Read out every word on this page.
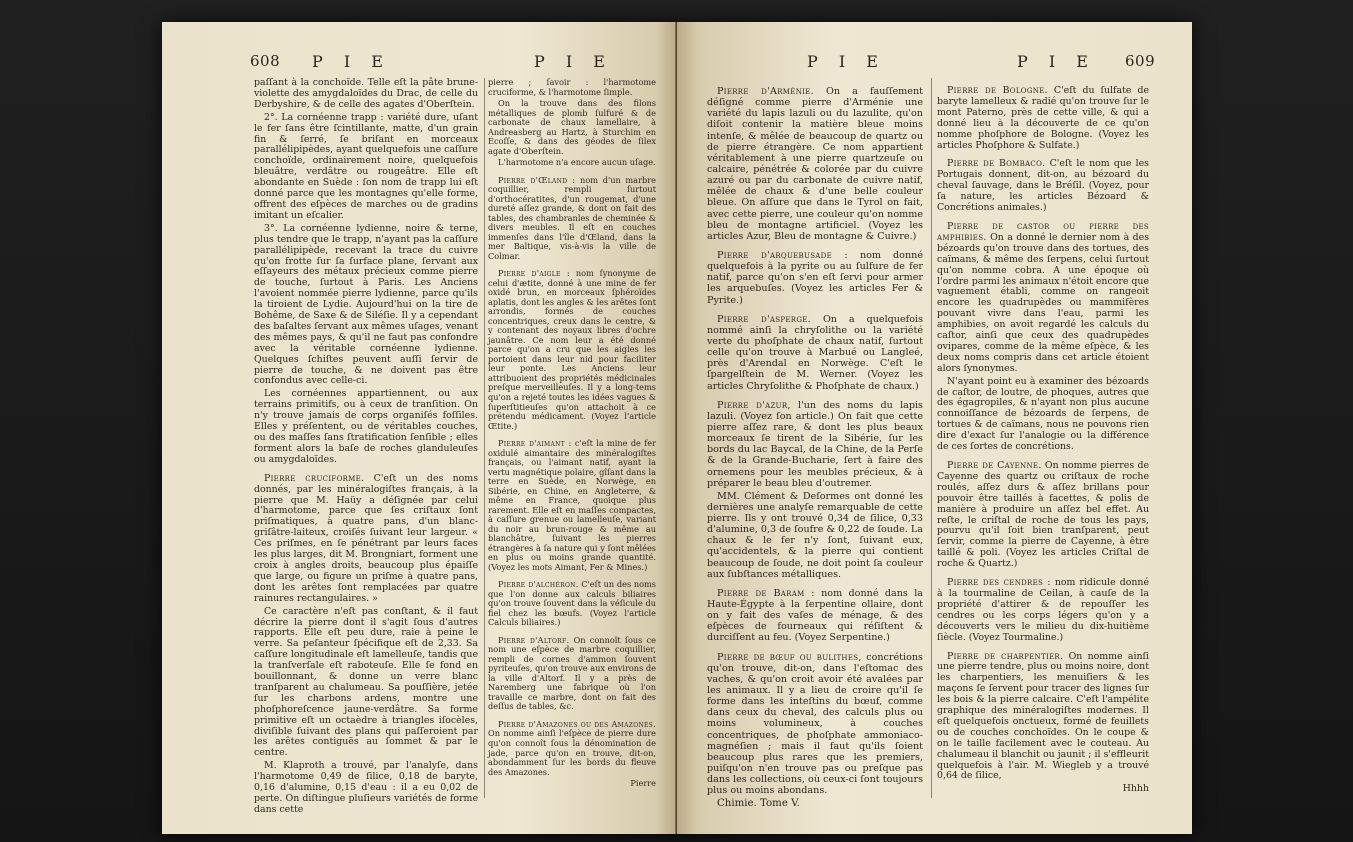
608 P I E	P I E

paſſant à la conchoïde. Telle eſt la pâte brune-violette des amygdaloïdes du Drac, de celle du Derbyshire, & de celle des agates d'Oberſtein.

2°. La cornéenne trapp : variété dure, uſant le fer ſans être ſcintillante, matte, d'un grain fin & ſerré, ſe briſant en morceaux parallélipipèdes, ayant quelquefois une caſſure conchoïde, ordinairement noire, quelquefois bleuâtre, verdâtre ou rougeâtre. Elle eſt abondante en Suède : ſon nom de trapp lui eſt donné parce que les montagnes qu'elle forme, offrent des eſpèces de marches ou de gradins imitant un eſcalier.

3°. La cornéenne lydienne, noire & terne, plus tendre que le trapp, n'ayant pas la caſſure parallélipipède, recevant la trace du cuivre qu'on frotte ſur ſa ſurface plane, ſervant aux eſſayeurs des métaux précieux comme pierre de touche, ſurtout à Paris. Les Anciens l'avoient nommée pierre lydienne, parce qu'ils la tiroient de Lydie. Aujourd'hui on la tire de Bohême, de Saxe & de Siléſie. Il y a cependant des baſaltes ſervant aux mêmes uſages, venant des mêmes pays, & qu'il ne faut pas confondre avec la véritable cornéenne lydienne. Quelques ſchiſtes peuvent auſſi ſervir de pierre de touche, & ne doivent pas être confondus avec celle-ci.

Les cornéennes appartiennent, ou aux terrains primitifs, ou à ceux de tranſition. On n'y trouve jamais de corps organiſés foſſiles. Elles y préſentent, ou de véritables couches, ou des maſſes ſans ſtratification ſenſible ; elles forment alors la baſe de roches glanduleuſes ou amygdaloïdes.

Pierre cruciforme. C'eſt un des noms donnés, par les minéralogiſtes français, à la pierre que M. Haüy a déſignée par celui d'harmotome, parce que ſes criſtaux ſont priſmatiques, à quatre pans, d'un blanc-griſâtre-laiteux, croiſés ſuivant leur largeur. « Ces priſmes, en ſe pénétrant par leurs faces les plus larges, dit M. Brongniart, forment une croix à angles droits, beaucoup plus épaiſſe que large, ou figure un priſme à quatre pans, dont les arêtes ſont remplacées par quatre rainures rectangulaires. »

Ce caractère n'eſt pas conſtant, & il faut décrire la pierre dont il s'agit ſous d'autres rapports. Elle eſt peu dure, raie à peine le verre. Sa peſanteur ſpécifique eſt de 2,33. Sa caſſure longitudinale eſt lamelleuſe, tandis que la tranſverſale eſt raboteuſe. Elle ſe fond en bouillonnant, & donne un verre blanc tranſparent au chalumeau. Sa pouſſière, jetée ſur les charbons ardens, montre une phoſphoreſcence jaune-verdâtre. Sa forme primitive eſt un octaèdre à triangles iſocèles, diviſible ſuivant des plans qui paſſeroient par les arêtes contiguës au ſommet & par le centre.

M. Klaproth a trouvé, par l'analyſe, dans l'harmotome 0,49 de ſilice, 0,18 de baryte, 0,16 d'alumine, 0,15 d'eau : il a eu 0,02 de perte. On diſtingue pluſieurs variétés de forme dans cette

pierre ; ſavoir : l'harmotome cruciforme, & l'harmotome ſimple.

On la trouve dans des filons métalliques de plomb ſulfuré & de carbonate de chaux lamellaire, à Andreasberg au Hartz, à Sturchim en Écoſſe, & dans des géodes de ſilex agate d'Oberſtein.

L'harmotome n'a encore aucun uſage.

Pierre d'Œland : nom d'un marbre coquillier, rempli ſurtout d'orthocératites, d'un rougemat, d'une dureté aſſez grande, & dont on fait des tables, des chambranles de cheminée & divers meubles. Il eſt en couches immenſes dans l'île d'Œland, dans la mer Baltique, vis-à-vis la ville de Colmar.

Pierre d'aigle : nom ſynonyme de celui d'ætite, donné à une mine de fer oxidé brun, en morceaux ſphéroïdes aplatis, dont les angles & les arêtes ſont arrondis, formés de couches concentriques, creux dans le centre, & y contenant des noyaux libres d'ochre jaunâtre. Ce nom leur a été donné parce qu'on a cru que les aigles les portoient dans leur nid pour faciliter leur ponte. Les Anciens leur attribuoient des propriétés médicinales preſque merveilleuſes. Il y a long-tems qu'on a rejeté toutes les idées vagues & ſuperſtitieuſes qu'on attachoit à ce prétendu médicament. (Voyez l'article Œtite.)

Pierre d'aimant : c'eſt la mine de fer oxidulé aimantaire des minéralogiſtes français, ou l'aimant natif, ayant la vertu magnétique polaire, gîſant dans la terre en Suède, en Norwège, en Sibérie, en Chine, en Angleterre, & même en France, quoique plus rarement. Elle eſt en maſſes compactes, à caſſure grenue ou lamelleuſe, variant du noir au brun-rouge & même au blanchâtre, ſuivant les pierres étrangères à ſa nature qui y ſont mêlées en plus ou moins grande quantité. (Voyez les mots Aimant, Fer & Mines.)

Pierre d'alchéron. C'eſt un des noms que l'on donne aux calculs biliaires qu'on trouve ſouvent dans la véſicule du fiel chez les bœufs. (Voyez l'article Calculs biliaires.)

Pierre d'Altorf. On connoît ſous ce nom une eſpèce de marbre coquillier, rempli de cornes d'ammon ſouvent pyriteuſes, qu'on trouve aux environs de la ville d'Altorf. Il y a près de Naremberg une fabrique où l'on travaille ce marbre, dont on fait des deſſus de tables, &c.

Pierre d'Amazones ou des Amazones. On nomme ainſi l'eſpèce de pierre dure qu'on connoît ſous la dénomination de jade, parce qu'on en trouve, dit-on, abondamment ſur les bords du fleuve des Amazones.

Pierre

P I E	P I E 609

Pierre d'Arménie. On a fauſſement déſigné comme pierre d'Arménie une variété du lapis lazuli ou du lazulite, qu'on diſoit contenir la matière bleue moins intenſe, & mêlée de beaucoup de quartz ou de pierre étrangère. Ce nom appartient véritablement à une pierre quartzeuſe ou calcaire, pénétrée & colorée par du cuivre azuré ou par du carbonate de cuivre natif, mêlée de chaux & d'une belle couleur bleue. On aſſure que dans le Tyrol on fait, avec cette pierre, une couleur qu'on nomme bleu de montagne artificiel. (Voyez les articles Azur, Bleu de montagne & Cuivre.)

Pierre d'arquebuſade : nom donné quelquefois à la pyrite ou au ſulfure de fer natif, parce qu'on s'en eſt ſervi pour armer les arquebuſes. (Voyez les articles Fer & Pyrite.)

Pierre d'aſperge. On a quelquefois nommé ainſi la chryſolithe ou la variété verte du phoſphate de chaux natif, ſurtout celle qu'on trouve à Marbué ou Langleé, près d'Arendal en Norwège. C'eſt le ſpargelſtein de M. Werner. (Voyez les articles Chryſolithe & Phoſphate de chaux.)

Pierre d'azur, l'un des noms du lapis lazuli. (Voyez ſon article.) On fait que cette pierre aſſez rare, & dont les plus beaux morceaux ſe tirent de la Sibérie, ſur les bords du lac Baycal, de la Chine, de la Perſe & de la Grande-Bucharie, ſert à faire des ornemens pour les meubles précieux, & à préparer le beau bleu d'outremer.

MM. Clément & Deſormes ont donné les dernières une analyſe remarquable de cette pierre. Ils y ont trouvé 0,34 de ſilice, 0,33 d'alumine, 0,3 de ſoufre & 0,22 de ſoude. La chaux & le fer n'y ſont, ſuivant eux, qu'accidentels, & la pierre qui contient beaucoup de ſoude, ne doit point ſa couleur aux ſubſtances métalliques.

Pierre de Baram : nom donné dans la Haute-Égypte à la ſerpentine ollaire, dont on y fait des vaſes de ménage, & des eſpèces de fourneaux qui réſiſtent & durciſſent au feu. (Voyez Serpentine.)

Pierre de bœuf ou bulithes, concrétions qu'on trouve, dit-on, dans l'eſtomac des vaches, & qu'on croit avoir été avalées par les animaux. Il y a lieu de croire qu'il ſe forme dans les inteſtins du bœuf, comme dans ceux du cheval, des calculs plus ou moins volumineux, à couches concentriques, de phoſphate ammoniaco-magnéſien ; mais il faut qu'ils ſoient beaucoup plus rares que les premiers, puiſqu'on n'en trouve pas ou preſque pas dans les collections, où ceux-ci ſont toujours plus ou moins abondans.

Chimie. Tome V.

Pierre de Bologne. C'eſt du ſulfate de baryte lamelleux & radié qu'on trouve ſur le mont Paterno, près de cette ville, & qui a donné lieu à la découverte de ce qu'on nomme phoſphore de Bologne. (Voyez les articles Phoſphore & Sulfate.)

Pierre de Bombaco. C'eſt le nom que les Portugais donnent, dit-on, au bézoard du cheval ſauvage, dans le Bréſil. (Voyez, pour ſa nature, les articles Bézoard & Concrétions animales.)

Pierre de caſtor ou pierre des amphibies. On a donné le dernier nom à des bézoards qu'on trouve dans des tortues, des caïmans, & même des ſerpens, celui ſurtout qu'on nomme cobra. A une époque où l'ordre parmi les animaux n'étoit encore que vaguement établi, comme on rangeoit encore les quadrupèdes ou mammifères pouvant vivre dans l'eau, parmi les amphibies, on avoit regardé les calculs du caſtor, ainſi que ceux des quadrupèdes ovipares, comme de la même eſpèce, & les deux noms compris dans cet article étoient alors ſynonymes.

N'ayant point eu à examiner des bézoards de caſtor, de loutre, de phoques, autres que des égagropiles, & n'ayant non plus aucune connoiſſance de bézoards de ſerpens, de tortues & de caïmans, nous ne pouvons rien dire d'exact ſur l'analogie ou la différence de ces ſortes de concrétions.

Pierre de Cayenne. On nomme pierres de Cayenne des quartz ou criſtaux de roche roulés, aſſez durs & aſſez brillans pour pouvoir être taillés à facettes, & polis de manière à produire un aſſez bel effet. Au reſte, le criſtal de roche de tous les pays, pourvu qu'il ſoit bien tranſparent, peut ſervir, comme la pierre de Cayenne, à être taillé & poli. (Voyez les articles Criſtal de roche & Quartz.)

Pierre des cendres : nom ridicule donné à la tourmaline de Ceilan, à cauſe de la propriété d'attirer & de repouſſer les cendres ou les corps légers qu'on y a découverts vers le milieu du dix-huitième ſiècle. (Voyez Tourmaline.)

Pierre de charpentier. On nomme ainſi une pierre tendre, plus ou moins noire, dont les charpentiers, les menuiſiers & les maçons ſe ſervent pour tracer des lignes ſur les bois & la pierre calcaire. C'eſt l'ampélite graphique des minéralogiſtes modernes. Il eſt quelquefois onctueux, formé de feuillets ou de couches conchoïdes. On le coupe & on le taille facilement avec le couteau. Au chalumeau il blanchit ou jaunit ; il s'effleurit quelquefois à l'air. M. Wiegleb y a trouvé 0,64 de ſilice,

Hhhh
